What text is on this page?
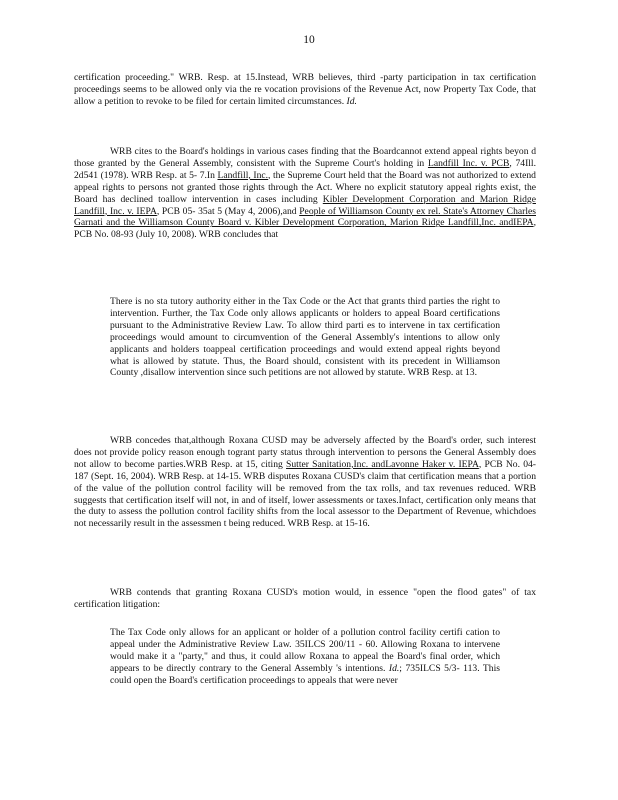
10

certification proceeding." WRB. Resp. at 15.Instead, WRB believes, third -party participation in tax certification proceedings seems to be allowed only via the re vocation provisions of the Revenue Act, now Property Tax Code, that allow a petition to revoke to be filed for certain limited circumstances. Id.

WRB cites to the Board's holdings in various cases finding that the Boardcannot extend appeal rights beyon d those granted by the General Assembly, consistent with the Supreme Court's holding in Landfill Inc. v. PCB, 74Ill. 2d541 (1978). WRB Resp. at 5- 7.In Landfill, Inc., the Supreme Court held that the Board was not authorized to extend appeal rights to persons not granted those rights through the Act. Where no explicit statutory appeal rights exist, the Board has declined toallow intervention in cases including Kibler Development Corporation and Marion Ridge Landfill, Inc. v. IEPA, PCB 05- 35at 5 (May 4, 2006),and People of Williamson County ex rel. State's Attorney Charles Garnati and the Williamson County Board v. Kibler Development Corporation, Marion Ridge Landfill,Inc. andIEPA, PCB No. 08-93 (July 10, 2008). WRB concludes that

There is no sta tutory authority either in the Tax Code or the Act that grants third parties the right to intervention. Further, the Tax Code only allows applicants or holders to appeal Board certifications pursuant to the Administrative Review Law. To allow third parti es to intervene in tax certification proceedings would amount to circumvention of the General Assembly's intentions to allow only applicants and holders toappeal certification proceedings and would extend appeal rights beyond what is allowed by statute. Thus, the Board should, consistent with its precedent in Williamson County ,disallow intervention since such petitions are not allowed by statute. WRB Resp. at 13.

WRB concedes that,although Roxana CUSD may be adversely affected by the Board's order, such interest does not provide policy reason enough togrant party status through intervention to persons the General Assembly does not allow to become parties.WRB Resp. at 15, citing Sutter Sanitation,Inc. andLavonne Haker v. IEPA, PCB No. 04- 187 (Sept. 16, 2004). WRB Resp. at 14-15. WRB disputes Roxana CUSD's claim that certification means that a portion of the value of the pollution control facility will be removed from the tax rolls, and tax revenues reduced. WRB suggests that certification itself will not, in and of itself, lower assessments or taxes.Infact, certification only means that the duty to assess the pollution control facility shifts from the local assessor to the Department of Revenue, whichdoes not necessarily result in the assessmen t being reduced. WRB Resp. at 15-16.

WRB contends that granting Roxana CUSD's motion would, in essence "open the flood gates" of tax certification litigation:

The Tax Code only allows for an applicant or holder of a pollution control facility certifi cation to appeal under the Administrative Review Law. 35ILCS 200/11 - 60. Allowing Roxana to intervene would make it a "party," and thus, it could allow Roxana to appeal the Board's final order, which appears to be directly contrary to the General Assembly 's intentions. Id.; 735ILCS 5/3- 113. This could open the Board's certification proceedings to appeals that were never
